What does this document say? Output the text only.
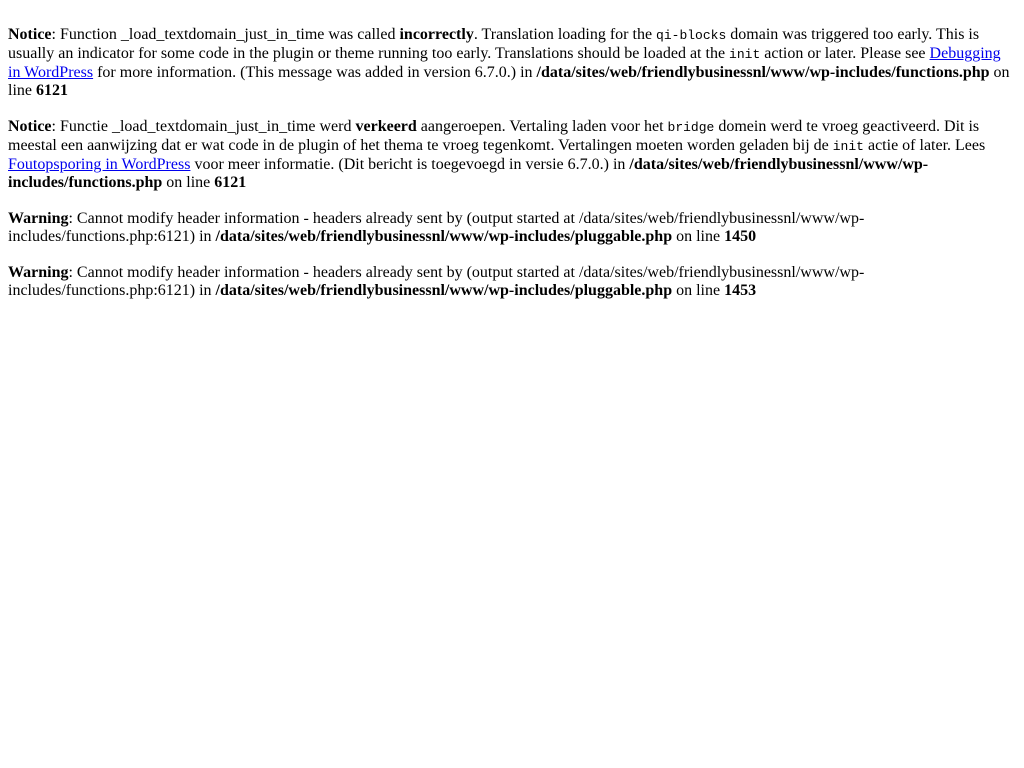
Notice: Function _load_textdomain_just_in_time was called incorrectly. Translation loading for the qi-blocks domain was triggered too early. This is usually an indicator for some code in the plugin or theme running too early. Translations should be loaded at the init action or later. Please see Debugging in WordPress for more information. (This message was added in version 6.7.0.) in /data/sites/web/friendlybusinessnl/www/wp-includes/functions.php on line 6121

Notice: Functie _load_textdomain_just_in_time werd verkeerd aangeroepen. Vertaling laden voor het bridge domein werd te vroeg geactiveerd. Dit is meestal een aanwijzing dat er wat code in de plugin of het thema te vroeg tegenkomt. Vertalingen moeten worden geladen bij de init actie of later. Lees Foutopsporing in WordPress voor meer informatie. (Dit bericht is toegevoegd in versie 6.7.0.) in /data/sites/web/friendlybusinessnl/www/wp-includes/functions.php on line 6121

Warning: Cannot modify header information - headers already sent by (output started at /data/sites/web/friendlybusinessnl/www/wp-includes/functions.php:6121) in /data/sites/web/friendlybusinessnl/www/wp-includes/pluggable.php on line 1450

Warning: Cannot modify header information - headers already sent by (output started at /data/sites/web/friendlybusinessnl/www/wp-includes/functions.php:6121) in /data/sites/web/friendlybusinessnl/www/wp-includes/pluggable.php on line 1453
